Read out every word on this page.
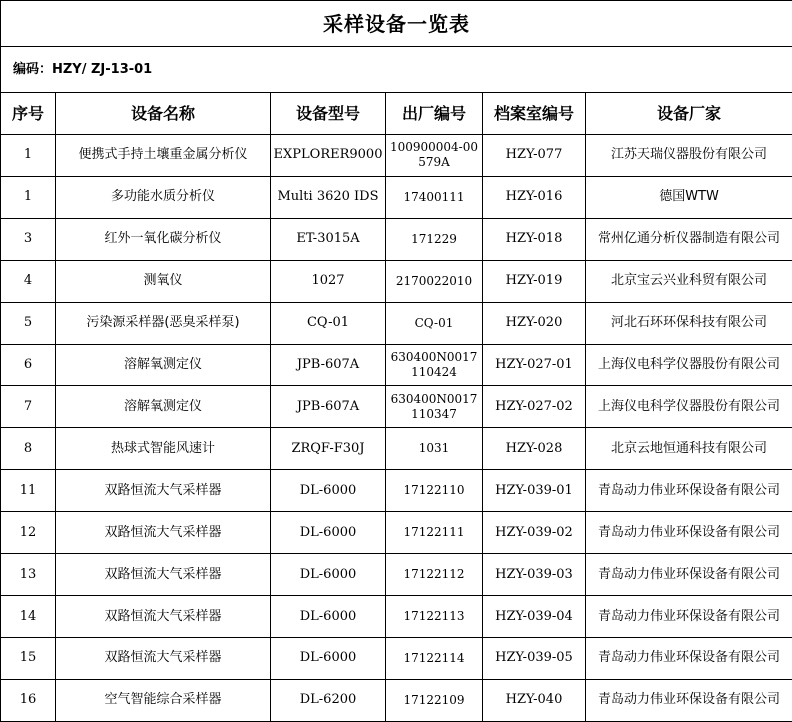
采样设备一览表					
编码：HZY/ ZJ-13-01					
序号	设备名称	设备型号	出厂编号	档案室编号	设备厂家
1	便携式手持土壤重金属分析仪	EXPLORER9000	100900004-00579A	HZY-077	江苏天瑞仪器股份有限公司
1	多功能水质分析仪	Multi 3620 IDS	17400111	HZY-016	德国WTW
3	红外一氧化碳分析仪	ET-3015A	171229	HZY-018	常州亿通分析仪器制造有限公司
4	测氧仪	1027	2170022010	HZY-019	北京宝云兴业科贸有限公司
5	污染源采样器(恶臭采样泵)	CQ-01	CQ-01	HZY-020	河北石环环保科技有限公司
6	溶解氧测定仪	JPB-607A	630400N0017110424	HZY-027-01	上海仪电科学仪器股份有限公司
7	溶解氧测定仪	JPB-607A	630400N0017110347	HZY-027-02	上海仪电科学仪器股份有限公司
8	热球式智能风速计	ZRQF-F30J	1031	HZY-028	北京云地恒通科技有限公司
11	双路恒流大气采样器	DL-6000	17122110	HZY-039-01	青岛动力伟业环保设备有限公司
12	双路恒流大气采样器	DL-6000	17122111	HZY-039-02	青岛动力伟业环保设备有限公司
13	双路恒流大气采样器	DL-6000	17122112	HZY-039-03	青岛动力伟业环保设备有限公司
14	双路恒流大气采样器	DL-6000	17122113	HZY-039-04	青岛动力伟业环保设备有限公司
15	双路恒流大气采样器	DL-6000	17122114	HZY-039-05	青岛动力伟业环保设备有限公司
16	空气智能综合采样器	DL-6200	17122109	HZY-040	青岛动力伟业环保设备有限公司
